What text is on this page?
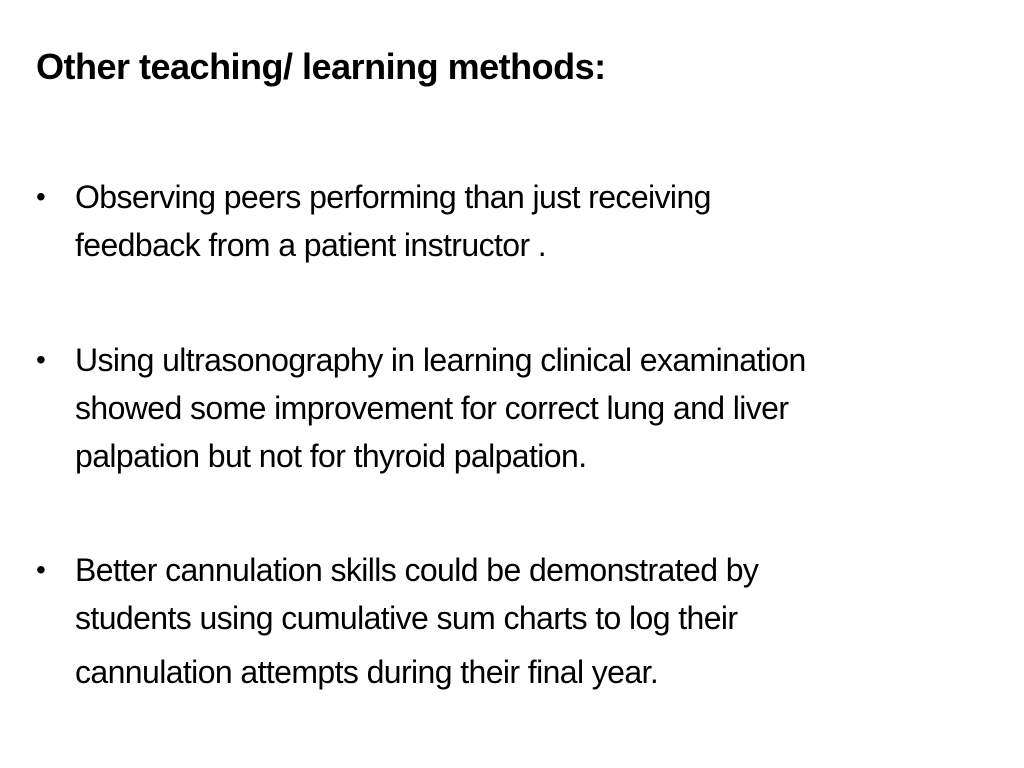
Other teaching/ learning methods:
• Observing peers performing than just receiving
feedback from a patient instructor .
• Using ultrasonography in learning clinical examination
showed some improvement for correct lung and liver
palpation but not for thyroid palpation.
• Better cannulation skills could be demonstrated by
students using cumulative sum charts to log their
cannulation attempts during their final year.
